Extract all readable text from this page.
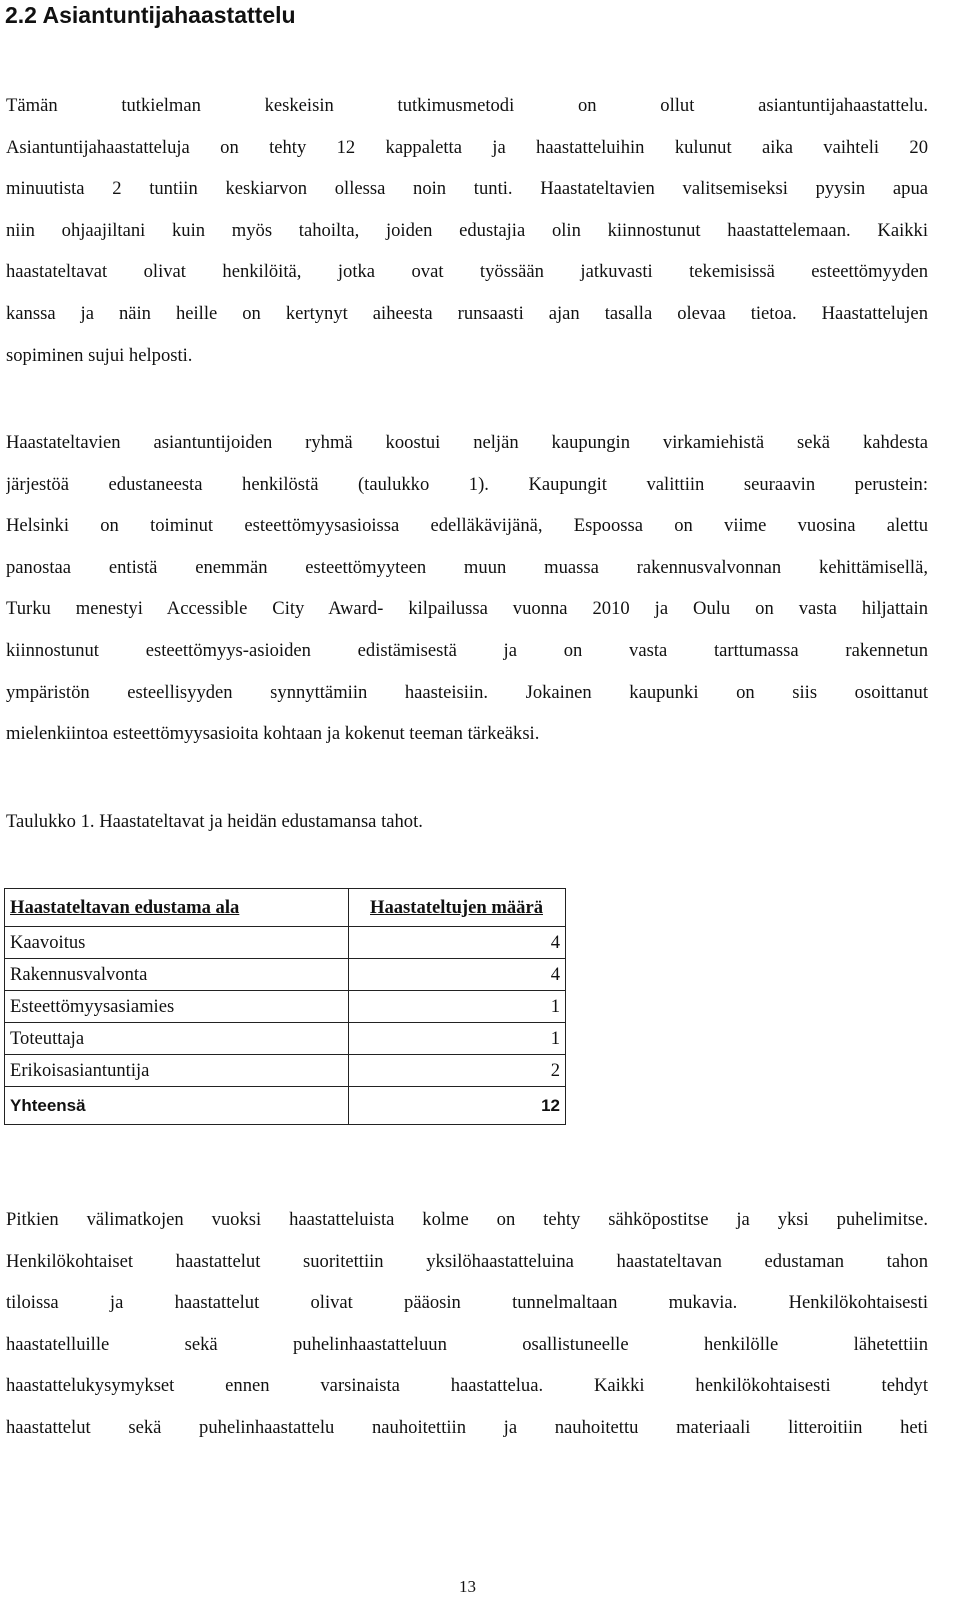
2.2 Asiantuntijahaastattelu
Tämän tutkielman keskeisin tutkimusmetodi on ollut asiantuntijahaastattelu.
Asiantuntijahaastatteluja on tehty 12 kappaletta ja haastatteluihin kulunut aika vaihteli 20
minuutista 2 tuntiin keskiarvon ollessa noin tunti. Haastateltavien valitsemiseksi pyysin apua
niin ohjaajiltani kuin myös tahoilta, joiden edustajia olin kiinnostunut haastattelemaan. Kaikki
haastateltavat olivat henkilöitä, jotka ovat työssään jatkuvasti tekemisissä esteettömyyden
kanssa ja näin heille on kertynyt aiheesta runsaasti ajan tasalla olevaa tietoa. Haastattelujen
sopiminen sujui helposti.
Haastateltavien asiantuntijoiden ryhmä koostui neljän kaupungin virkamiehistä sekä kahdesta
järjestöä edustaneesta henkilöstä (taulukko 1). Kaupungit valittiin seuraavin perustein:
Helsinki on toiminut esteettömyysasioissa edelläkävijänä, Espoossa on viime vuosina alettu
panostaa entistä enemmän esteettömyyteen muun muassa rakennusvalvonnan kehittämisellä,
Turku menestyi Accessible City Award- kilpailussa vuonna 2010 ja Oulu on vasta hiljattain
kiinnostunut esteettömyys-asioiden edistämisestä ja on vasta tarttumassa rakennetun
ympäristön esteellisyyden synnyttämiin haasteisiin. Jokainen kaupunki on siis osoittanut
mielenkiintoa esteettömyysasioita kohtaan ja kokenut teeman tärkeäksi.

Taulukko 1. Haastateltavat ja heidän edustamansa tahot.

Haastateltavan edustama ala	Haastateltujen määrä
Kaavoitus	4
Rakennusvalvonta	4
Esteettömyysasiamies	1
Toteuttaja	1
Erikoisasiantuntija	2
Yhteensä	12
Pitkien välimatkojen vuoksi haastatteluista kolme on tehty sähköpostitse ja yksi puhelimitse.
Henkilökohtaiset haastattelut suoritettiin yksilöhaastatteluina haastateltavan edustaman tahon
tiloissa ja haastattelut olivat pääosin tunnelmaltaan mukavia. Henkilökohtaisesti
haastatelluille sekä puhelinhaastatteluun osallistuneelle henkilölle lähetettiin
haastattelukysymykset ennen varsinaista haastattelua. Kaikki henkilökohtaisesti tehdyt
haastattelut sekä puhelinhaastattelu nauhoitettiin ja nauhoitettu materiaali litteroitiin heti
13
